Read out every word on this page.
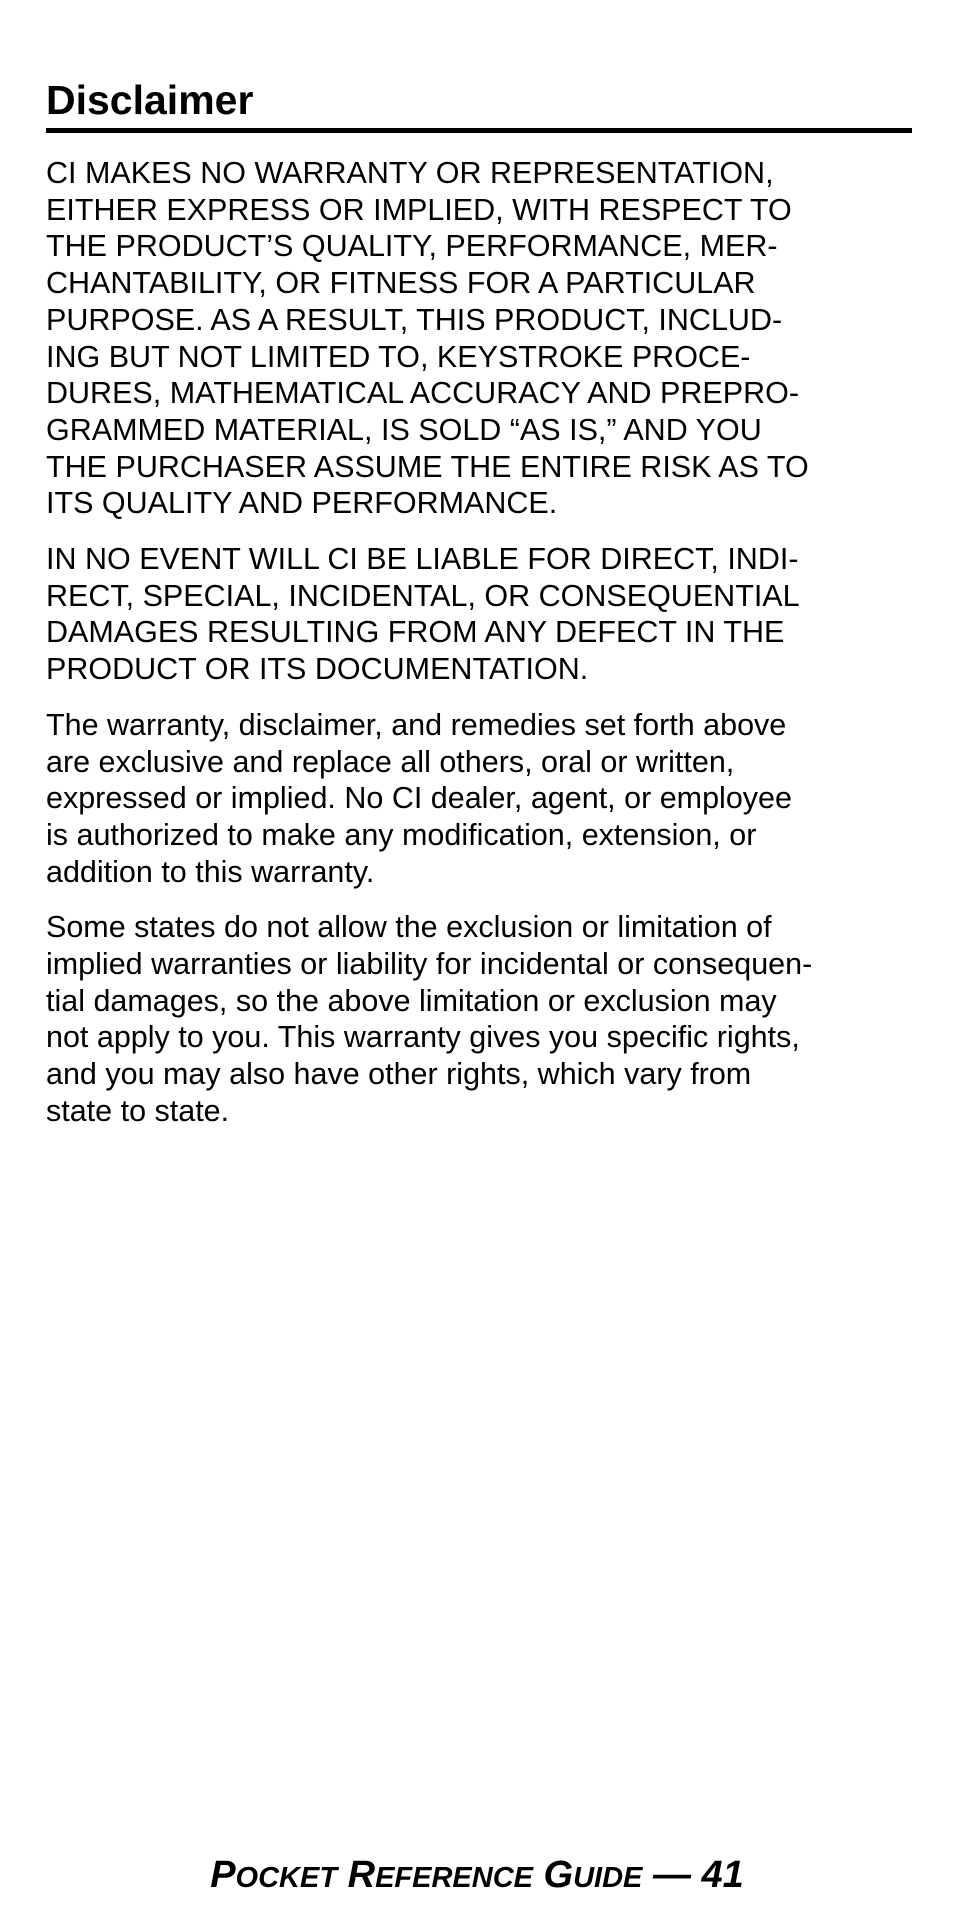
Disclaimer

CI MAKES NO WARRANTY OR REPRESENTATION,
EITHER EXPRESS OR IMPLIED, WITH RESPECT TO
THE PRODUCT’S QUALITY, PERFORMANCE, MER-
CHANTABILITY, OR FITNESS FOR A PARTICULAR
PURPOSE. AS A RESULT, THIS PRODUCT, INCLUD-
ING BUT NOT LIMITED TO, KEYSTROKE PROCE-
DURES, MATHEMATICAL ACCURACY AND PREPRO-
GRAMMED MATERIAL, IS SOLD “AS IS,” AND YOU
THE PURCHASER ASSUME THE ENTIRE RISK AS TO
ITS QUALITY AND PERFORMANCE.

IN NO EVENT WILL CI BE LIABLE FOR DIRECT, INDI-
RECT, SPECIAL, INCIDENTAL, OR CONSEQUENTIAL
DAMAGES RESULTING FROM ANY DEFECT IN THE
PRODUCT OR ITS DOCUMENTATION.

The warranty, disclaimer, and remedies set forth above
are exclusive and replace all others, oral or written,
expressed or implied. No CI dealer, agent, or employee
is authorized to make any modification, extension, or
addition to this warranty.

Some states do not allow the exclusion or limitation of
implied warranties or liability for incidental or consequen-
tial damages, so the above limitation or exclusion may
not apply to you. This warranty gives you specific rights,
and you may also have other rights, which vary from
state to state.

POCKET REFERENCE GUIDE — 41
